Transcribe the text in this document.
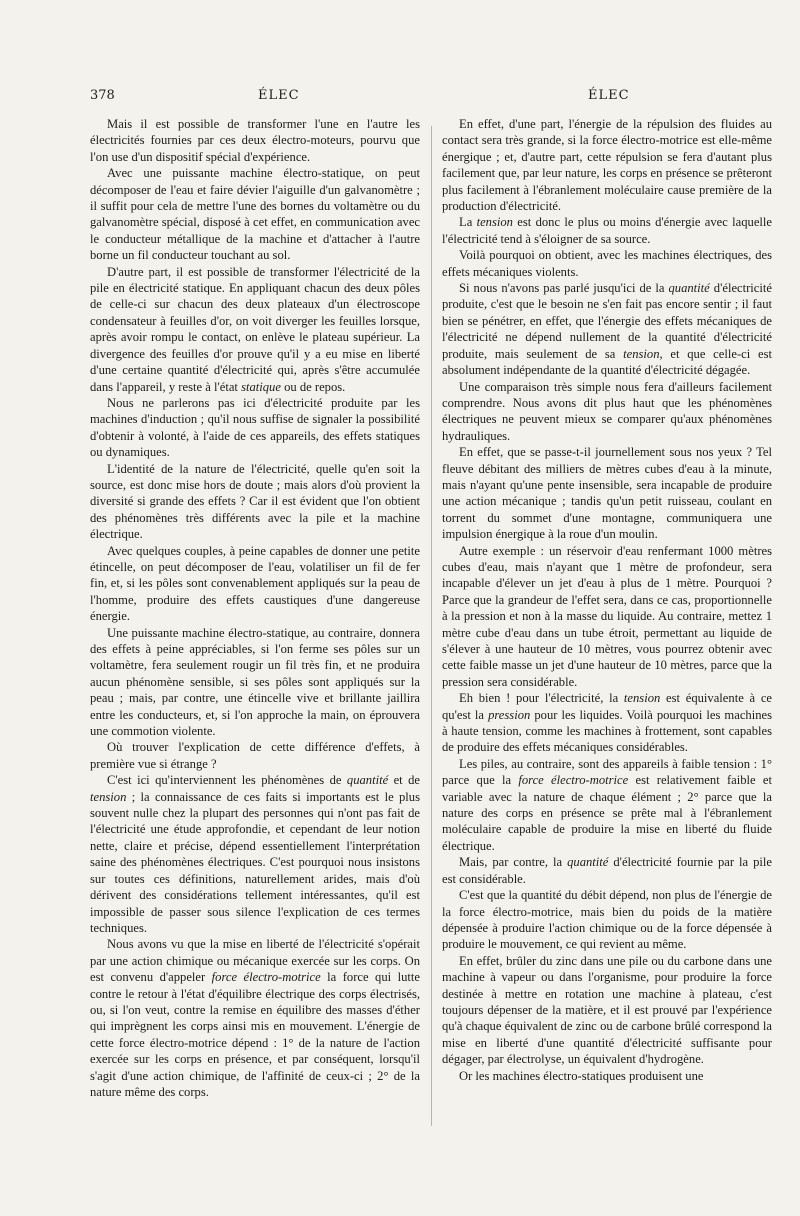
378	ÉLEC	ÉLEC

Mais il est possible de transformer l'une en l'autre les électricités fournies par ces deux électro-moteurs, pourvu que l'on use d'un dispositif spécial d'expérience.

Avec une puissante machine électro-statique, on peut décomposer de l'eau et faire dévier l'aiguille d'un galvanomètre ; il suffit pour cela de mettre l'une des bornes du voltamètre ou du galvanomètre spécial, disposé à cet effet, en communication avec le conducteur métallique de la machine et d'attacher à l'autre borne un fil conducteur touchant au sol.

D'autre part, il est possible de transformer l'électricité de la pile en électricité statique. En appliquant chacun des deux pôles de celle-ci sur chacun des deux plateaux d'un électroscope condensateur à feuilles d'or, on voit diverger les feuilles lorsque, après avoir rompu le contact, on enlève le plateau supérieur. La divergence des feuilles d'or prouve qu'il y a eu mise en liberté d'une certaine quantité d'électricité qui, après s'être accumulée dans l'appareil, y reste à l'état statique ou de repos.

Nous ne parlerons pas ici d'électricité produite par les machines d'induction ; qu'il nous suffise de signaler la possibilité d'obtenir à volonté, à l'aide de ces appareils, des effets statiques ou dynamiques.

L'identité de la nature de l'électricité, quelle qu'en soit la source, est donc mise hors de doute ; mais alors d'où provient la diversité si grande des effets ? Car il est évident que l'on obtient des phénomènes très différents avec la pile et la machine électrique.

Avec quelques couples, à peine capables de donner une petite étincelle, on peut décomposer de l'eau, volatiliser un fil de fer fin, et, si les pôles sont convenablement appliqués sur la peau de l'homme, produire des effets caustiques d'une dangereuse énergie.

Une puissante machine électro-statique, au contraire, donnera des effets à peine appréciables, si l'on ferme ses pôles sur un voltamètre, fera seulement rougir un fil très fin, et ne produira aucun phénomène sensible, si ses pôles sont appliqués sur la peau ; mais, par contre, une étincelle vive et brillante jaillira entre les conducteurs, et, si l'on approche la main, on éprouvera une commotion violente.

Où trouver l'explication de cette différence d'effets, à première vue si étrange ?

C'est ici qu'interviennent les phénomènes de quantité et de tension ; la connaissance de ces faits si importants est le plus souvent nulle chez la plupart des personnes qui n'ont pas fait de l'électricité une étude approfondie, et cependant de leur notion nette, claire et précise, dépend essentiellement l'interprétation saine des phénomènes électriques. C'est pourquoi nous insistons sur toutes ces définitions, naturellement arides, mais d'où dérivent des considérations tellement intéressantes, qu'il est impossible de passer sous silence l'explication de ces termes techniques.

Nous avons vu que la mise en liberté de l'électricité s'opérait par une action chimique ou mécanique exercée sur les corps. On est convenu d'appeler force électro-motrice la force qui lutte contre le retour à l'état d'équilibre électrique des corps électrisés, ou, si l'on veut, contre la remise en équilibre des masses d'éther qui imprègnent les corps ainsi mis en mouvement. L'énergie de cette force électro-motrice dépend : 1° de la nature de l'action exercée sur les corps en présence, et par conséquent, lorsqu'il s'agit d'une action chimique, de l'affinité de ceux-ci ; 2° de la nature même des corps.

En effet, d'une part, l'énergie de la répulsion des fluides au contact sera très grande, si la force électro-motrice est elle-même énergique ; et, d'autre part, cette répulsion se fera d'autant plus facilement que, par leur nature, les corps en présence se prêteront plus facilement à l'ébranlement moléculaire cause première de la production d'électricité.

La tension est donc le plus ou moins d'énergie avec laquelle l'électricité tend à s'éloigner de sa source.

Voilà pourquoi on obtient, avec les machines électriques, des effets mécaniques violents.

Si nous n'avons pas parlé jusqu'ici de la quantité d'électricité produite, c'est que le besoin ne s'en fait pas encore sentir ; il faut bien se pénétrer, en effet, que l'énergie des effets mécaniques de l'électricité ne dépend nullement de la quantité d'électricité produite, mais seulement de sa tension, et que celle-ci est absolument indépendante de la quantité d'électricité dégagée.

Une comparaison très simple nous fera d'ailleurs facilement comprendre. Nous avons dit plus haut que les phénomènes électriques ne peuvent mieux se comparer qu'aux phénomènes hydrauliques.

En effet, que se passe-t-il journellement sous nos yeux ? Tel fleuve débitant des milliers de mètres cubes d'eau à la minute, mais n'ayant qu'une pente insensible, sera incapable de produire une action mécanique ; tandis qu'un petit ruisseau, coulant en torrent du sommet d'une montagne, communiquera une impulsion énergique à la roue d'un moulin.

Autre exemple : un réservoir d'eau renfermant 1000 mètres cubes d'eau, mais n'ayant que 1 mètre de profondeur, sera incapable d'élever un jet d'eau à plus de 1 mètre. Pourquoi ? Parce que la grandeur de l'effet sera, dans ce cas, proportionnelle à la pression et non à la masse du liquide. Au contraire, mettez 1 mètre cube d'eau dans un tube étroit, permettant au liquide de s'élever à une hauteur de 10 mètres, vous pourrez obtenir avec cette faible masse un jet d'une hauteur de 10 mètres, parce que la pression sera considérable.

Eh bien ! pour l'électricité, la tension est équivalente à ce qu'est la pression pour les liquides. Voilà pourquoi les machines à haute tension, comme les machines à frottement, sont capables de produire des effets mécaniques considérables.

Les piles, au contraire, sont des appareils à faible tension : 1° parce que la force électro-motrice est relativement faible et variable avec la nature de chaque élément ; 2° parce que la nature des corps en présence se prête mal à l'ébranlement moléculaire capable de produire la mise en liberté du fluide électrique.

Mais, par contre, la quantité d'électricité fournie par la pile est considérable.

C'est que la quantité du débit dépend, non plus de l'énergie de la force électro-motrice, mais bien du poids de la matière dépensée à produire l'action chimique ou de la force dépensée à produire le mouvement, ce qui revient au même.

En effet, brûler du zinc dans une pile ou du carbone dans une machine à vapeur ou dans l'organisme, pour produire la force destinée à mettre en rotation une machine à plateau, c'est toujours dépenser de la matière, et il est prouvé par l'expérience qu'à chaque équivalent de zinc ou de carbone brûlé correspond la mise en liberté d'une quantité d'électricité suffisante pour dégager, par électrolyse, un équivalent d'hydrogène.

Or les machines électro-statiques produisent une
